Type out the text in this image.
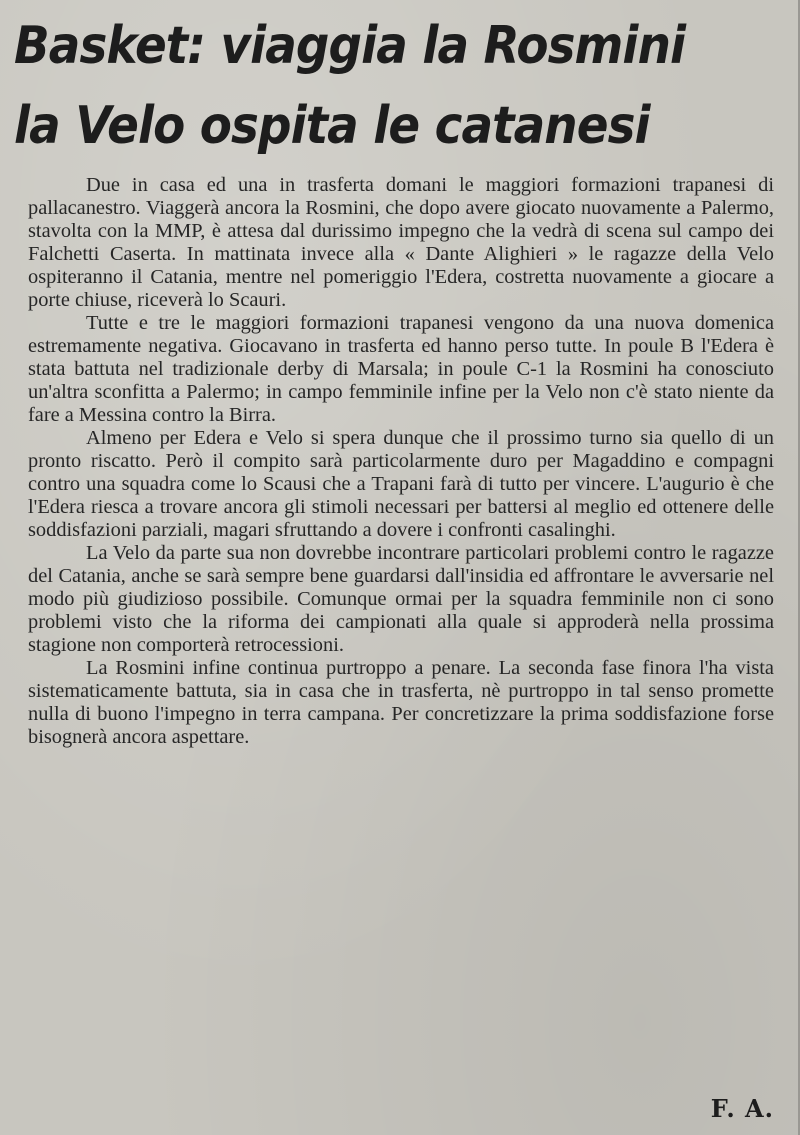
Basket: viaggia la Rosmini
la Velo ospita le catanesi

Due in casa ed una in trasferta domani le maggiori formazioni trapanesi di pallacanestro. Viaggerà ancora la Rosmini, che dopo avere giocato nuovamente a Palermo, stavolta con la MMP, è attesa dal durissimo impegno che la vedrà di scena sul campo dei Falchetti Caserta. In mattinata invece alla « Dante Alighieri » le ragazze della Velo ospiteranno il Catania, mentre nel pomeriggio l'Edera, costretta nuovamente a giocare a porte chiuse, riceverà lo Scauri.

Tutte e tre le maggiori formazioni trapanesi vengono da una nuova domenica estremamente negativa. Giocavano in trasferta ed hanno perso tutte. In poule B l'Edera è stata battuta nel tradizionale derby di Marsala; in poule C-1 la Rosmini ha conosciuto un'altra sconfitta a Palermo; in campo femminile infine per la Velo non c'è stato niente da fare a Messina contro la Birra.

Almeno per Edera e Velo si spera dunque che il prossimo turno sia quello di un pronto riscatto. Però il compito sarà particolarmente duro per Magaddino e compagni contro una squadra come lo Scausi che a Trapani farà di tutto per vincere. L'augurio è che l'Edera riesca a trovare ancora gli stimoli necessari per battersi al meglio ed ottenere delle soddisfazioni parziali, magari sfruttando a dovere i confronti casalinghi.

La Velo da parte sua non dovrebbe incontrare particolari problemi contro le ragazze del Catania, anche se sarà sempre bene guardarsi dall'insidia ed affrontare le avversarie nel modo più giudizioso possibile. Comunque ormai per la squadra femminile non ci sono problemi visto che la riforma dei campionati alla quale si approderà nella prossima stagione non comporterà retrocessioni.

La Rosmini infine continua purtroppo a penare. La seconda fase finora l'ha vista sistematicamente battuta, sia in casa che in trasferta, nè purtroppo in tal senso promette nulla di buono l'impegno in terra campana. Per concretizzare la prima soddisfazione forse bisognerà ancora aspettare.

F. A.
